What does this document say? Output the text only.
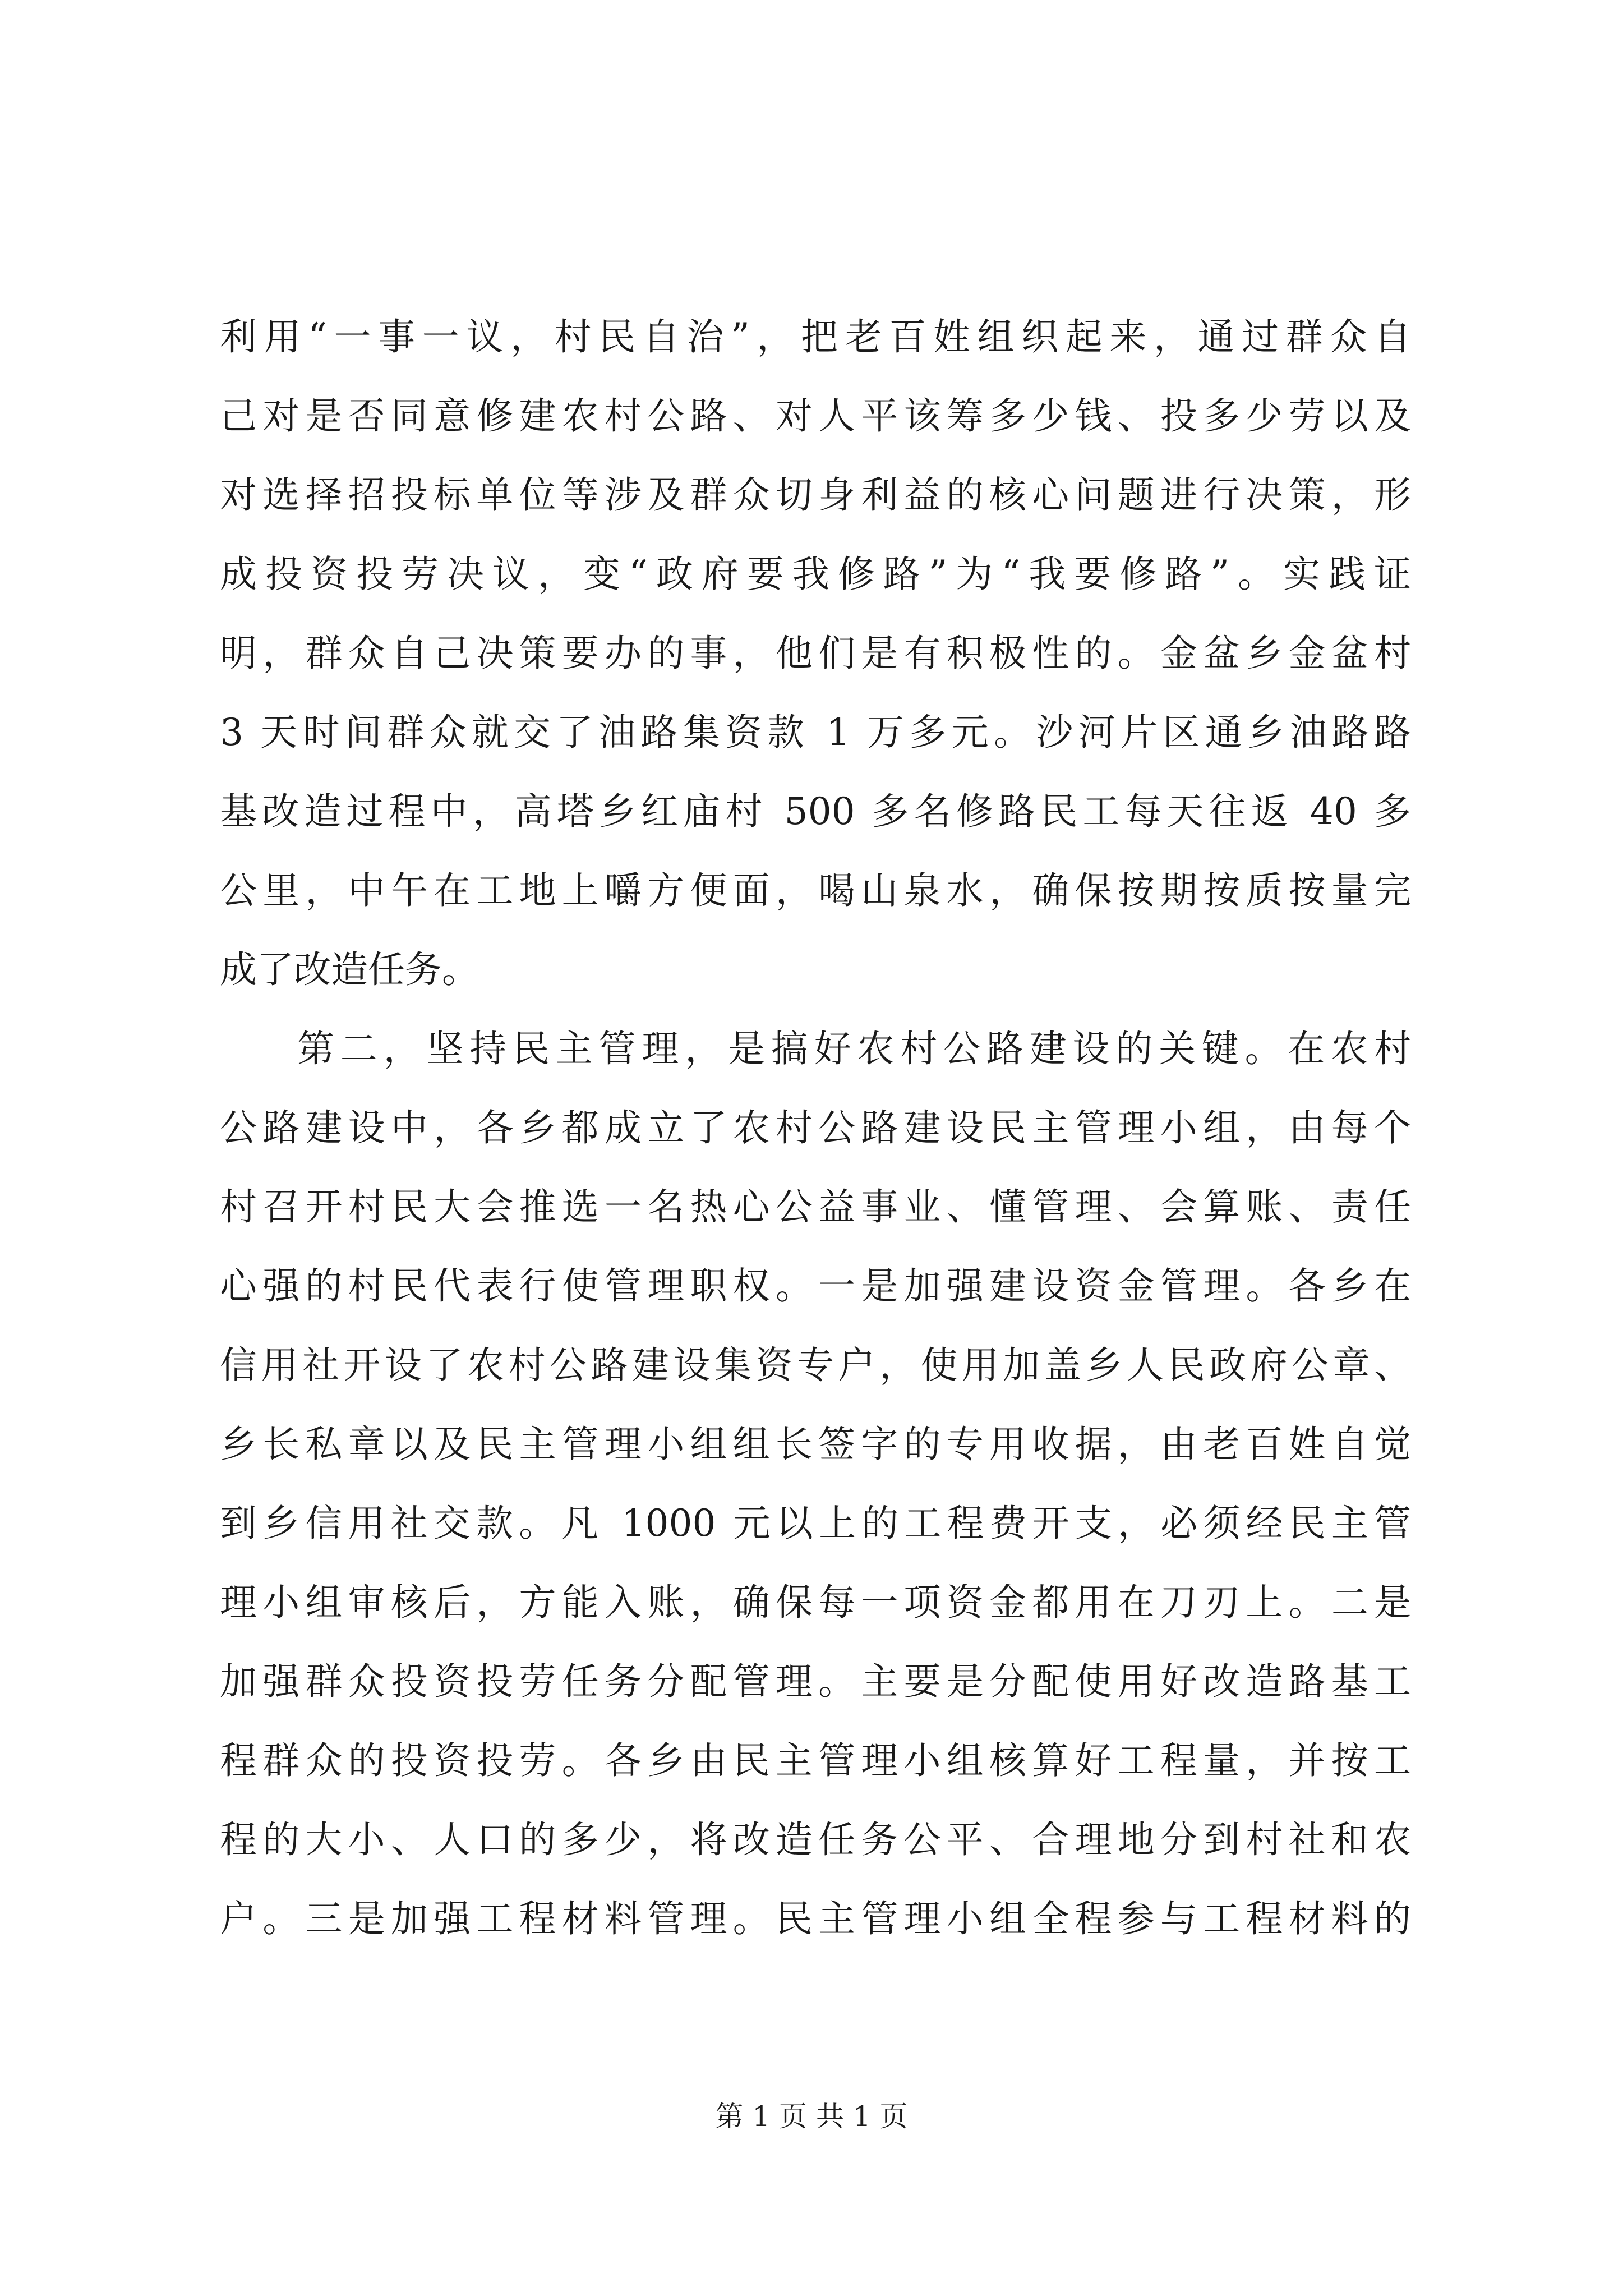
利用“一事一议，村民自治”，把老百姓组织起来，通过群众自
己对是否同意修建农村公路、对人平该筹多少钱、投多少劳以及
对选择招投标单位等涉及群众切身利益的核心问题进行决策，形
成投资投劳决议，变“政府要我修路”为“我要修路”。实践证
明，群众自己决策要办的事，他们是有积极性的。金盆乡金盆村
3 天时间群众就交了油路集资款 1 万多元。沙河片区通乡油路路
基改造过程中，高塔乡红庙村 500 多名修路民工每天往返 40 多
公里，中午在工地上嚼方便面，喝山泉水，确保按期按质按量完
成了改造任务。
第二，坚持民主管理，是搞好农村公路建设的关键。在农村
公路建设中，各乡都成立了农村公路建设民主管理小组，由每个
村召开村民大会推选一名热心公益事业、懂管理、会算账、责任
心强的村民代表行使管理职权。一是加强建设资金管理。各乡在
信用社开设了农村公路建设集资专户，使用加盖乡人民政府公章、
乡长私章以及民主管理小组组长签字的专用收据，由老百姓自觉
到乡信用社交款。凡 1000 元以上的工程费开支，必须经民主管
理小组审核后，方能入账，确保每一项资金都用在刀刃上。二是
加强群众投资投劳任务分配管理。主要是分配使用好改造路基工
程群众的投资投劳。各乡由民主管理小组核算好工程量，并按工
程的大小、人口的多少，将改造任务公平、合理地分到村社和农
户。三是加强工程材料管理。民主管理小组全程参与工程材料的
第 1 页 共 1 页
